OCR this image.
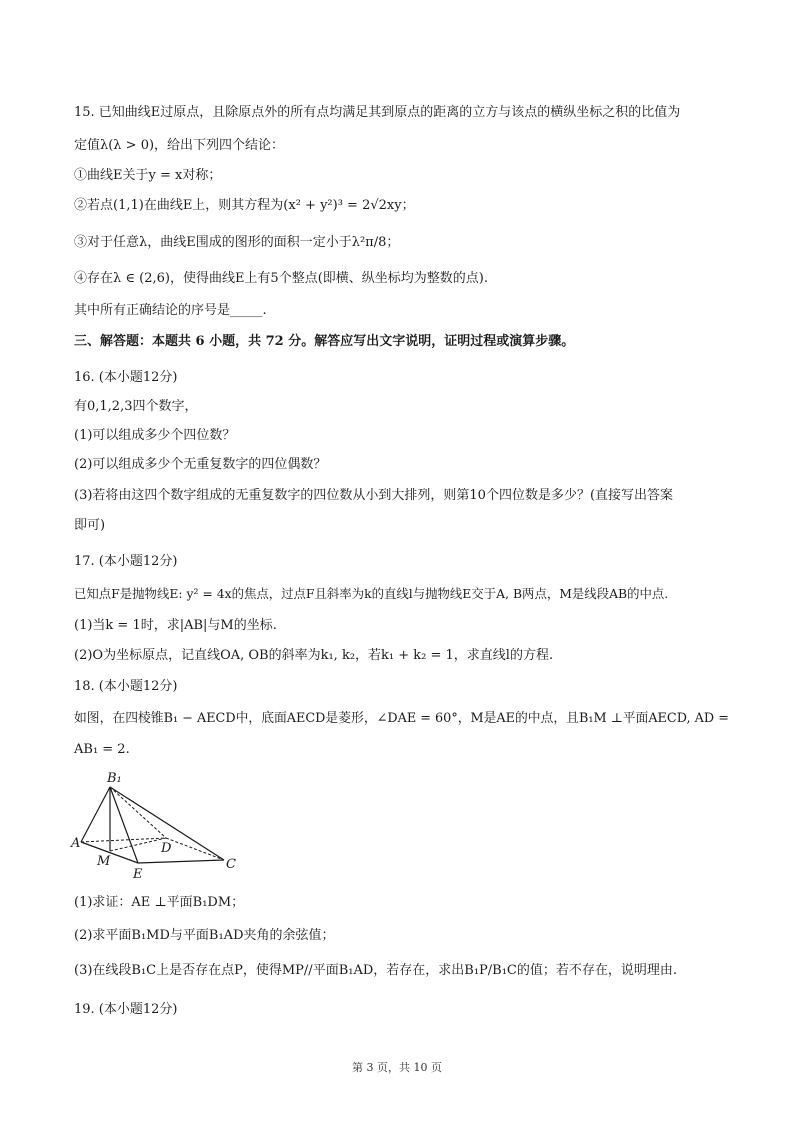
15. 已知曲线E过原点，且除原点外的所有点均满足其到原点的距离的立方与该点的横纵坐标之积的比值为
定值λ(λ > 0)，给出下列四个结论：
①曲线E关于y = x对称；
②若点(1,1)在曲线E上，则其方程为(x² + y²)³ = 2√2xy；
③对于任意λ，曲线E围成的图形的面积一定小于λ²π/8；
④存在λ ∈ (2,6)，使得曲线E上有5个整点(即横、纵坐标均为整数的点).
其中所有正确结论的序号是_____.
三、解答题：本题共 6 小题，共 72 分。解答应写出文字说明，证明过程或演算步骤。
16. (本小题12分)
有0,1,2,3四个数字，
(1)可以组成多少个四位数？
(2)可以组成多少个无重复数字的四位偶数？
(3)若将由这四个数字组成的无重复数字的四位数从小到大排列，则第10个四位数是多少？(直接写出答案
即可)
17. (本小题12分)
已知点F是抛物线E: y² = 4x的焦点，过点F且斜率为k的直线l与抛物线E交于A, B两点，M是线段AB的中点.
(1)当k = 1时，求|AB|与M的坐标.
(2)O为坐标原点，记直线OA, OB的斜率为k₁, k₂，若k₁ + k₂ = 1，求直线l的方程.
18. (本小题12分)
如图，在四棱锥B₁ − AECD中，底面AECD是菱形，∠DAE = 60°，M是AE的中点，且B₁M ⊥平面AECD, AD =
AB₁ = 2.
B₁
A	D
M
E
C
(1)求证：AE ⊥平面B₁DM；
(2)求平面B₁MD与平面B₁AD夹角的余弦值；
(3)在线段B₁C上是否存在点P，使得MP//平面B₁AD，若存在，求出B₁P/B₁C的值；若不存在，说明理由.
19. (本小题12分)
第 3 页，共 10 页
